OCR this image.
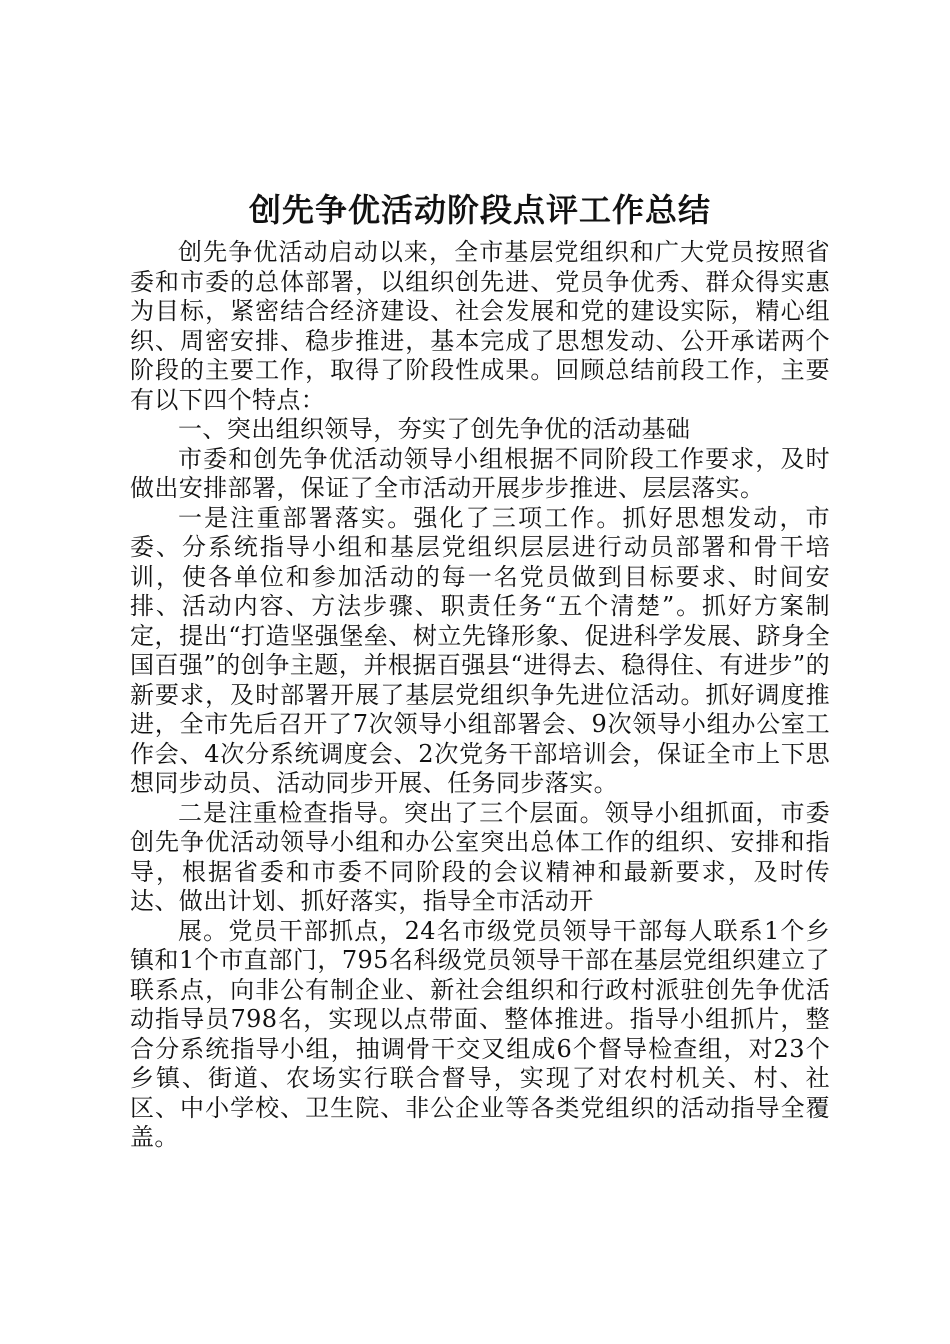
创先争优活动阶段点评工作总结

创先争优活动启动以来，全市基层党组织和广大党员按照省委和市委的总体部署，以组织创先进、党员争优秀、群众得实惠为目标，紧密结合经济建设、社会发展和党的建设实际，精心组织、周密安排、稳步推进，基本完成了思想发动、公开承诺两个阶段的主要工作，取得了阶段性成果。回顾总结前段工作，主要有以下四个特点：

一、突出组织领导，夯实了创先争优的活动基础

市委和创先争优活动领导小组根据不同阶段工作要求，及时做出安排部署，保证了全市活动开展步步推进、层层落实。

一是注重部署落实。强化了三项工作。抓好思想发动，市委、分系统指导小组和基层党组织层层进行动员部署和骨干培训，使各单位和参加活动的每一名党员做到目标要求、时间安排、活动内容、方法步骤、职责任务“五个清楚”。抓好方案制定，提出“打造坚强堡垒、树立先锋形象、促进科学发展、跻身全国百强”的创争主题，并根据百强县“进得去、稳得住、有进步”的新要求，及时部署开展了基层党组织争先进位活动。抓好调度推进，全市先后召开了7次领导小组部署会、9次领导小组办公室工作会、4次分系统调度会、2次党务干部培训会，保证全市上下思想同步动员、活动同步开展、任务同步落实。

二是注重检查指导。突出了三个层面。领导小组抓面，市委创先争优活动领导小组和办公室突出总体工作的组织、安排和指导，根据省委和市委不同阶段的会议精神和最新要求，及时传达、做出计划、抓好落实，指导全市活动开

展。党员干部抓点，24名市级党员领导干部每人联系1个乡镇和1个市直部门，795名科级党员领导干部在基层党组织建立了联系点，向非公有制企业、新社会组织和行政村派驻创先争优活动指导员798名，实现以点带面、整体推进。指导小组抓片，整合分系统指导小组，抽调骨干交叉组成6个督导检查组，对23个乡镇、街道、农场实行联合督导，实现了对农村机关、村、社区、中小学校、卫生院、非公企业等各类党组织的活动指导全覆盖。
